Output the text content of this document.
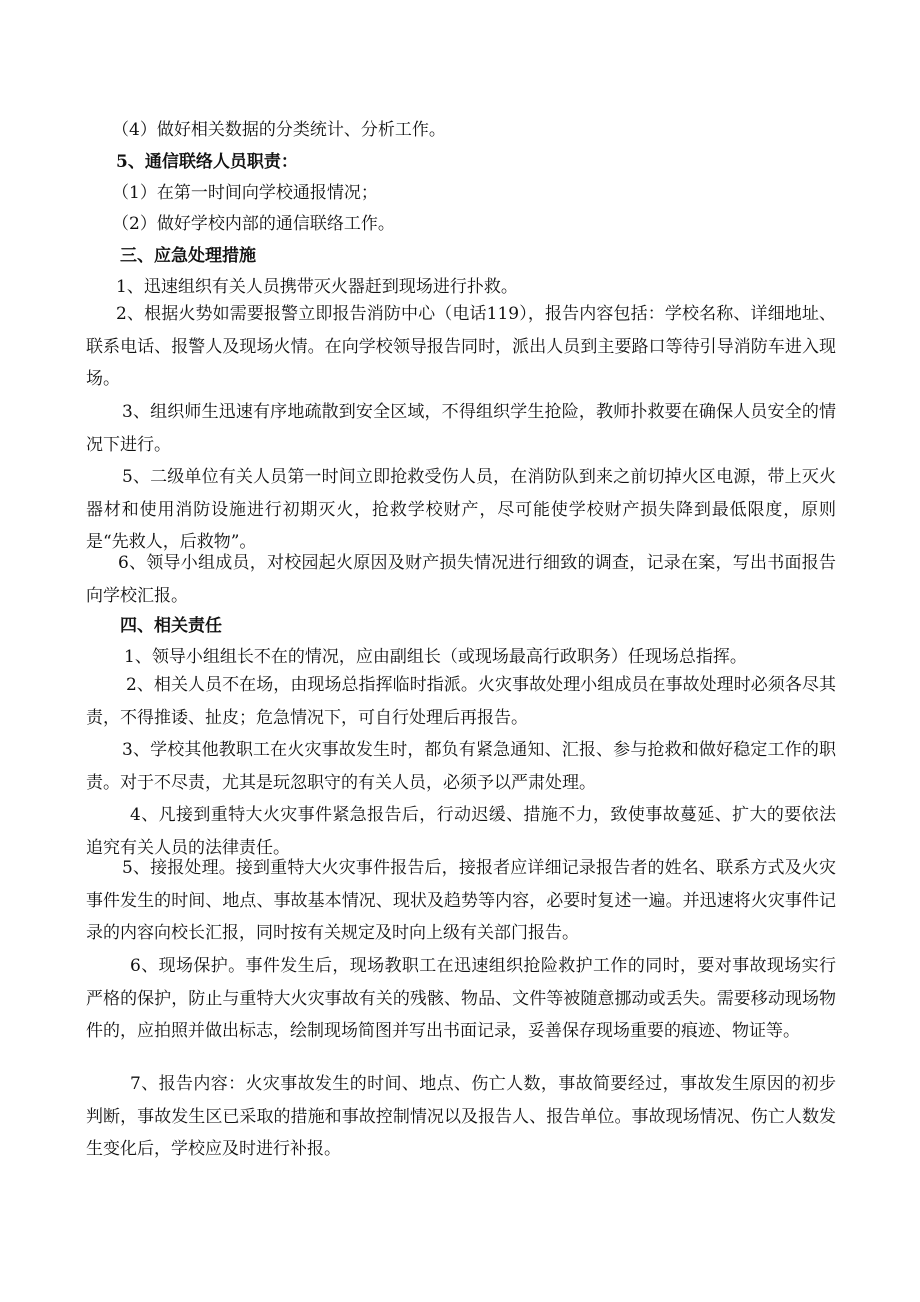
（4）做好相关数据的分类统计、分析工作。
5、通信联络人员职责：
（1）在第一时间向学校通报情况；
（2）做好学校内部的通信联络工作。
三、应急处理措施
1、迅速组织有关人员携带灭火器赶到现场进行扑救。
2、根据火势如需要报警立即报告消防中心（电话119），报告内容包括：学校名称、详细地址、联系电话、报警人及现场火情。在向学校领导报告同时，派出人员到主要路口等待引导消防车进入现场。
3、组织师生迅速有序地疏散到安全区域，不得组织学生抢险，教师扑救要在确保人员安全的情况下进行。
5、二级单位有关人员第一时间立即抢救受伤人员，在消防队到来之前切掉火区电源，带上灭火器材和使用消防设施进行初期灭火，抢救学校财产，尽可能使学校财产损失降到最低限度，原则是“先救人，后救物”。
6、领导小组成员，对校园起火原因及财产损失情况进行细致的调查，记录在案，写出书面报告向学校汇报。
四、相关责任
1、领导小组组长不在的情况，应由副组长（或现场最高行政职务）任现场总指挥。
2、相关人员不在场，由现场总指挥临时指派。火灾事故处理小组成员在事故处理时必须各尽其责，不得推诿、扯皮；危急情况下，可自行处理后再报告。
3、学校其他教职工在火灾事故发生时，都负有紧急通知、汇报、参与抢救和做好稳定工作的职责。对于不尽责，尤其是玩忽职守的有关人员，必须予以严肃处理。
4、凡接到重特大火灾事件紧急报告后，行动迟缓、措施不力，致使事故蔓延、扩大的要依法追究有关人员的法律责任。
5、接报处理。接到重特大火灾事件报告后，接报者应详细记录报告者的姓名、联系方式及火灾事件发生的时间、地点、事故基本情况、现状及趋势等内容，必要时复述一遍。并迅速将火灾事件记录的内容向校长汇报，同时按有关规定及时向上级有关部门报告。
6、现场保护。事件发生后，现场教职工在迅速组织抢险救护工作的同时，要对事故现场实行严格的保护，防止与重特大火灾事故有关的残骸、物品、文件等被随意挪动或丢失。需要移动现场物件的，应拍照并做出标志，绘制现场简图并写出书面记录，妥善保存现场重要的痕迹、物证等。
7、报告内容：火灾事故发生的时间、地点、伤亡人数，事故简要经过，事故发生原因的初步判断，事故发生区已采取的措施和事故控制情况以及报告人、报告单位。事故现场情况、伤亡人数发生变化后，学校应及时进行补报。
